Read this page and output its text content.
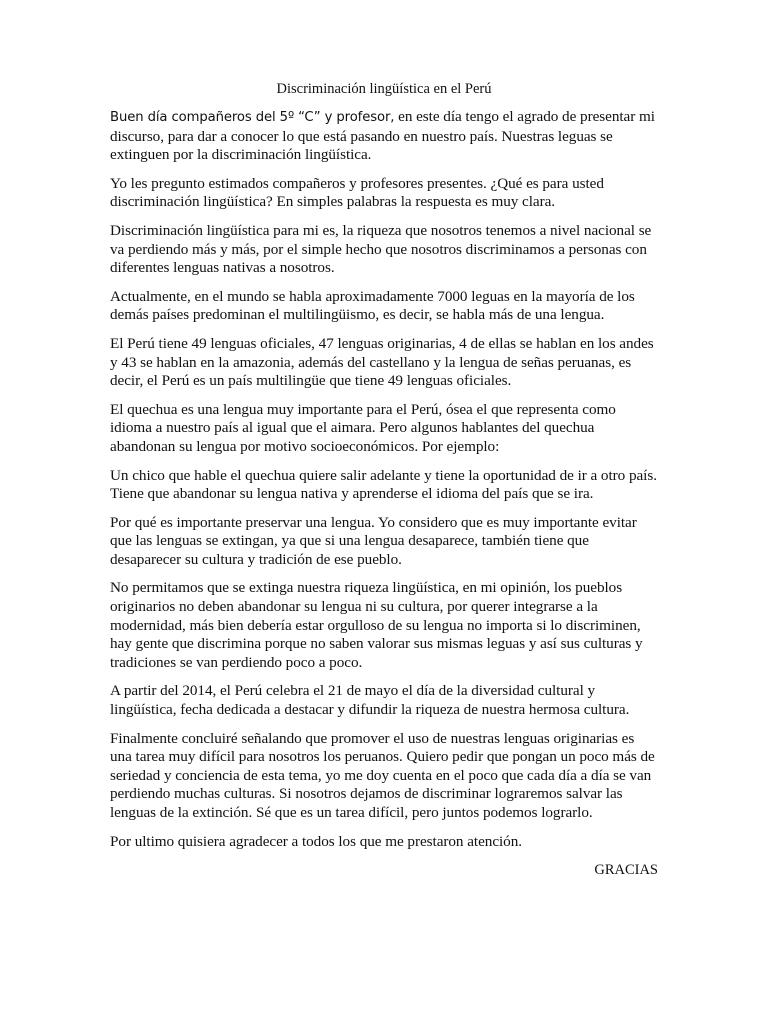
Discriminación lingüística en el Perú

Buen día compañeros del 5º “C” y profesor, en este día tengo el agrado de presentar mi discurso, para dar a conocer lo que está pasando en nuestro país. Nuestras leguas se extinguen por la discriminación lingüística.

Yo les pregunto estimados compañeros y profesores presentes. ¿Qué es para usted discriminación lingüística? En simples palabras la respuesta es muy clara.

Discriminación lingüística para mi es, la riqueza que nosotros tenemos a nivel nacional se va perdiendo más y más, por el simple hecho que nosotros discriminamos a personas con diferentes lenguas nativas a nosotros.

Actualmente, en el mundo se habla aproximadamente 7000 leguas en la mayoría de los demás países predominan el multilingüismo, es decir, se habla más de una lengua.

El Perú tiene 49 lenguas oficiales, 47 lenguas originarias, 4 de ellas se hablan en los andes y 43 se hablan en la amazonia, además del castellano y la lengua de señas peruanas, es decir, el Perú es un país multilingüe que tiene 49 lenguas oficiales.

El quechua es una lengua muy importante para el Perú, ósea el que representa como idioma a nuestro país al igual que el aimara. Pero algunos hablantes del quechua abandonan su lengua por motivo socioeconómicos. Por ejemplo:

Un chico que hable el quechua quiere salir adelante y tiene la oportunidad de ir a otro país. Tiene que abandonar su lengua nativa y aprenderse el idioma del país que se ira.

Por qué es importante preservar una lengua. Yo considero que es muy importante evitar que las lenguas se extingan, ya que si una lengua desaparece, también tiene que desaparecer su cultura y tradición de ese pueblo.

No permitamos que se extinga nuestra riqueza lingüística, en mi opinión, los pueblos originarios no deben abandonar su lengua ni su cultura, por querer integrarse a la modernidad, más bien debería estar orgulloso de su lengua no importa si lo discriminen, hay gente que discrimina porque no saben valorar sus mismas leguas y así sus culturas y tradiciones se van perdiendo poco a poco.

A partir del 2014, el Perú celebra el 21 de mayo el día de la diversidad cultural y lingüística, fecha dedicada a destacar y difundir la riqueza de nuestra hermosa cultura.

Finalmente concluiré señalando que promover el uso de nuestras lenguas originarias es una tarea muy difícil para nosotros los peruanos. Quiero pedir que pongan un poco más de seriedad y conciencia de esta tema, yo me doy cuenta en el poco que cada día a día se van perdiendo muchas culturas. Si nosotros dejamos de discriminar lograremos salvar las lenguas de la extinción. Sé que es un tarea difícil, pero juntos podemos lograrlo.

Por ultimo quisiera agradecer a todos los que me prestaron atención.

GRACIAS
